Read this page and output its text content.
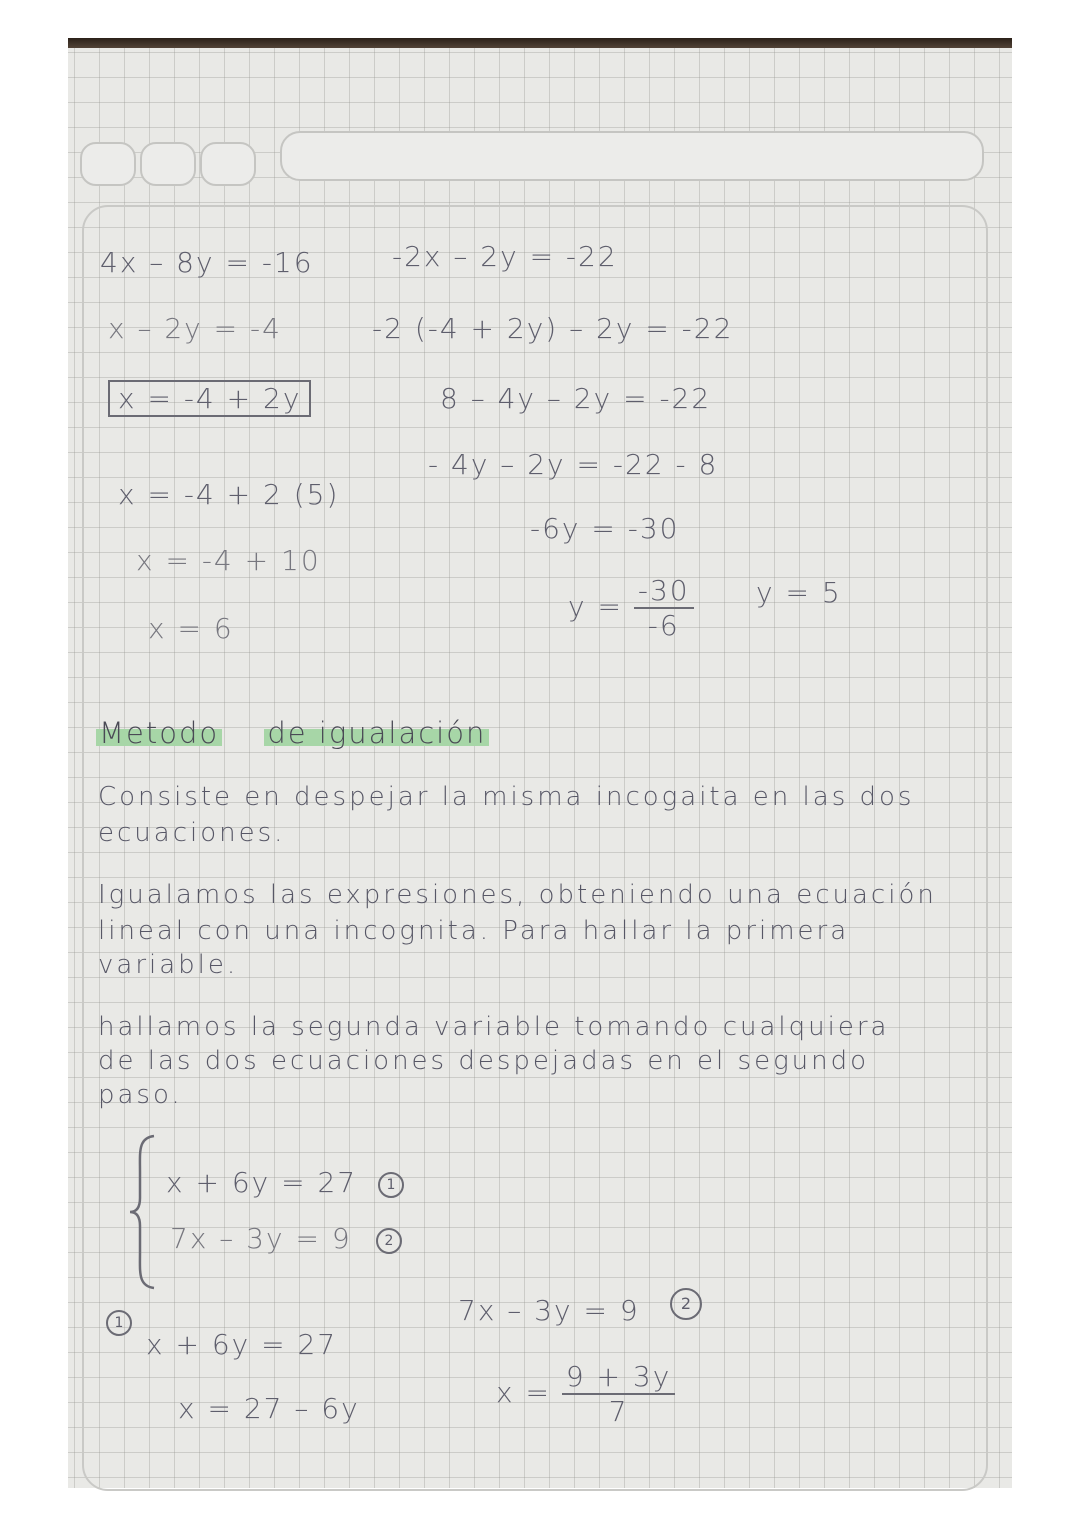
4x – 8y = -16
x – 2y = -4
x = -4 + 2y
x = -4 + 2 (5)
x = -4 + 10
x = 6
-2x – 2y = -22
-2 (-4 + 2y) – 2y = -22
8 – 4y – 2y = -22
- 4y – 2y = -22 - 8
-6y = -30
$y = \frac{-30}{-6}$ y = 5
Metodo de igualación
Consiste en despejar la misma incogaita en las dos
ecuaciones.
Igualamos las expresiones, obteniendo una ecuación
lineal con una incognita. Para hallar la primera
variable.
hallamos la segunda variable tomando cualquiera
de las dos ecuaciones despejadas en el segundo
paso.
x + 6y = 27	1
7x – 3y = 9	2
1
x + 6y = 27
x = 27 – 6y
7x – 3y = 9	2
$x = \frac{9 + 3y}{7}$
